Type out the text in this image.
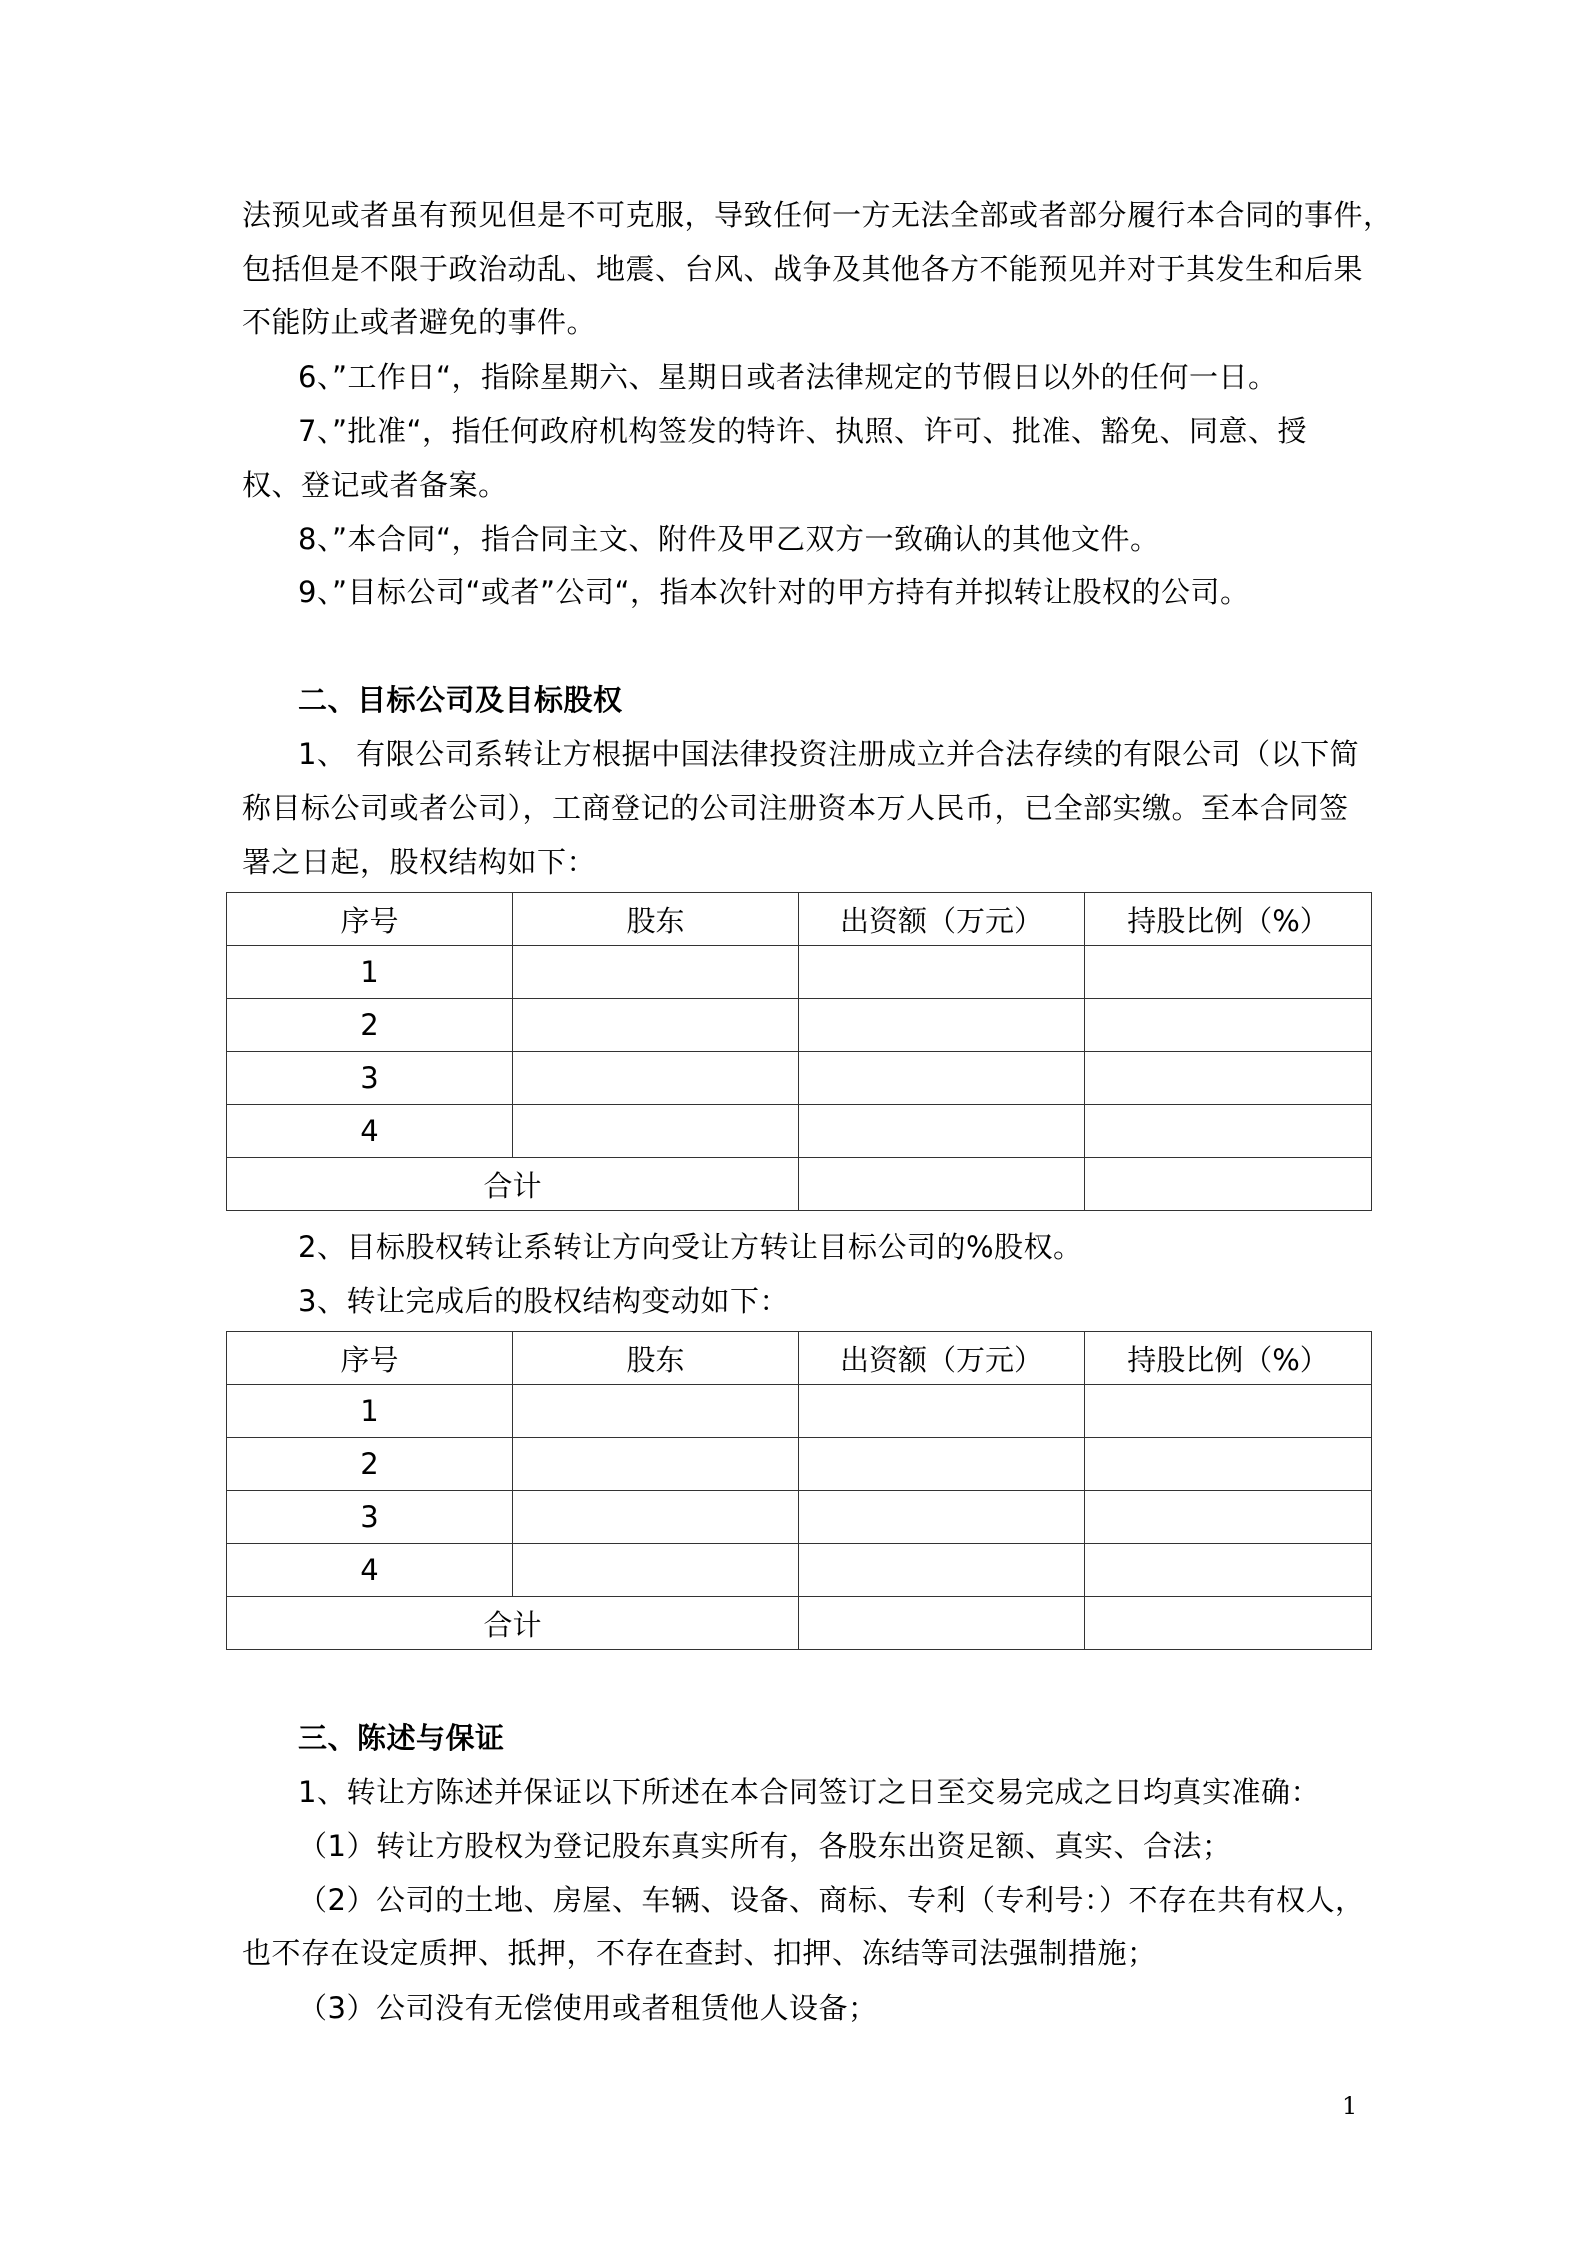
法预见或者虽有预见但是不可克服，导致任何一方无法全部或者部分履行本合同的事件，
包括但是不限于政治动乱、地震、台风、战争及其他各方不能预见并对于其发生和后果
不能防止或者避免的事件。
6、”工作日“，指除星期六、星期日或者法律规定的节假日以外的任何一日。
7、”批准“，指任何政府机构签发的特许、执照、许可、批准、豁免、同意、授
权、登记或者备案。
8、”本合同“，指合同主文、附件及甲乙双方一致确认的其他文件。
9、”目标公司“或者”公司“，指本次针对的甲方持有并拟转让股权的公司。
二、目标公司及目标股权
1、 有限公司系转让方根据中国法律投资注册成立并合法存续的有限公司（以下简
称目标公司或者公司），工商登记的公司注册资本万人民币，已全部实缴。至本合同签
署之日起，股权结构如下：
序号	股东	出资额（万元）	持股比例（%）
1			
2			
3			
4			
合计			
2、目标股权转让系转让方向受让方转让目标公司的%股权。
3、转让完成后的股权结构变动如下：
序号	股东	出资额（万元）	持股比例（%）
1			
2			
3			
4			
合计			
三、陈述与保证
1、转让方陈述并保证以下所述在本合同签订之日至交易完成之日均真实准确：
（1）转让方股权为登记股东真实所有，各股东出资足额、真实、合法；
（2）公司的土地、房屋、车辆、设备、商标、专利（专利号：）不存在共有权人，
也不存在设定质押、抵押，不存在查封、扣押、冻结等司法强制措施；
（3）公司没有无偿使用或者租赁他人设备；
1
